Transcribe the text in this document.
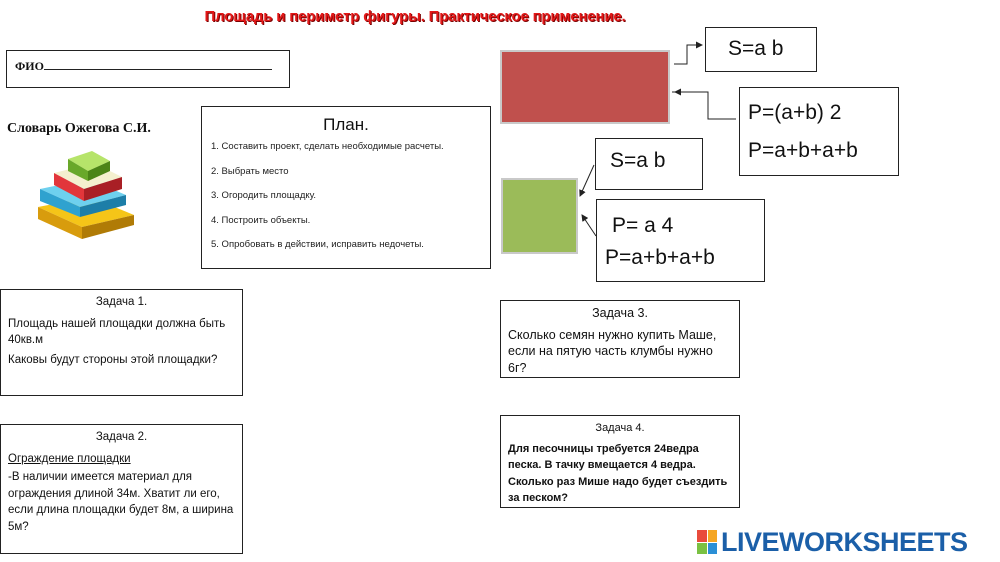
Площадь и периметр фигуры. Практическое применение.
ФИО
Словарь Ожегова С.И.	План.
1. Составить проект, сделать необходимые расчеты.
2. Выбрать место
3. Огородить площадку.
4. Построить объекты.
5. Опробовать в действии, исправить недочеты.
S=a b
P=(a+b) 2
P=a+b+a+b
S=a b
P= a 4
P=a+b+a+b
Задача 1.

Площадь нашей площадки должна быть 40кв.м

Каковы будут стороны этой площадки?

Задача 2.

Ограждение площадки

-В наличии имеется материал для ограждения длиной 34м. Хватит ли его, если длина площадки будет 8м, а ширина 5м?

Задача 3.

Сколько семян нужно купить Маше, если на пятую часть клумбы нужно 6г?

Задача 4.

Для песочницы требуется 24ведра песка. В тачку вмещается 4 ведра. Сколько раз Мише надо будет съездить за песком?

LIVEWORKSHEETS
